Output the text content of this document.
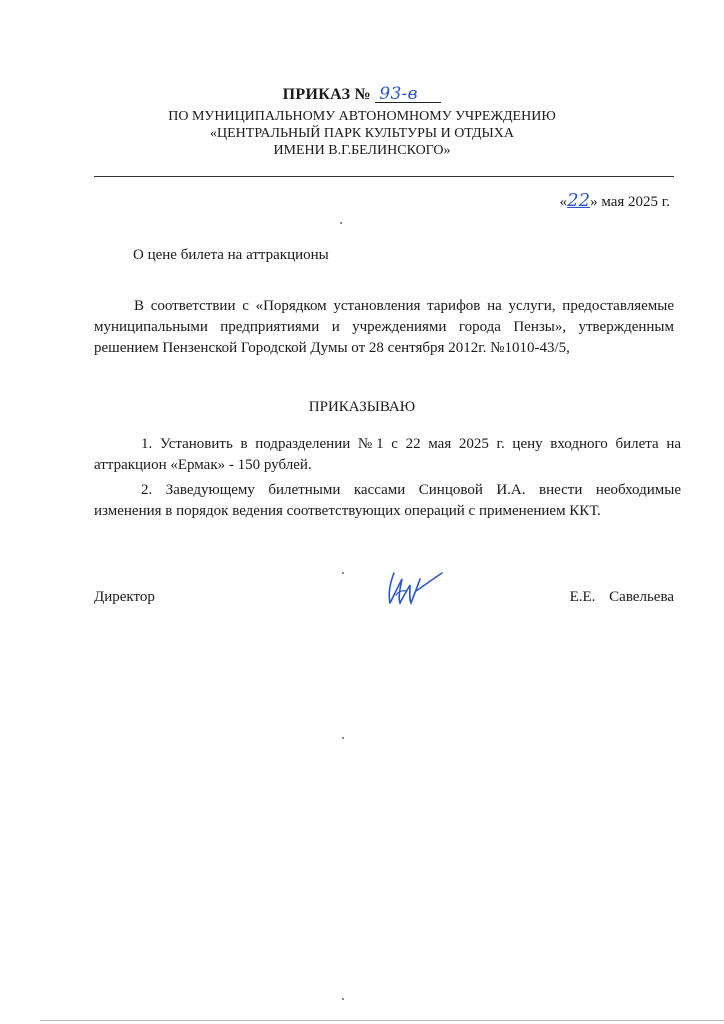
ПРИКАЗ № 93-в
ПО МУНИЦИПАЛЬНОМУ АВТОНОМНОМУ УЧРЕЖДЕНИЮ
«ЦЕНТРАЛЬНЫЙ ПАРК КУЛЬТУРЫ И ОТДЫХА
ИМЕНИ В.Г.БЕЛИНСКОГО»
«22» мая 2025 г.
О цене билета на аттракционы
В соответствии с «Порядком установления тарифов на услуги, предоставляемые муниципальными предприятиями и учреждениями города Пензы», утвержденным решением Пензенской Городской Думы от 28 сентября 2012г. №1010-43/5,
ПРИКАЗЫВАЮ
1. Установить в подразделении №1 с 22 мая 2025 г. цену входного билета на аттракцион «Ермак» - 150 рублей.
2. Заведующему билетными кассами Синцовой И.А. внести необходимые изменения в порядок ведения соответствующих операций с применением ККТ.
Директор	Е.Е. Савельева
